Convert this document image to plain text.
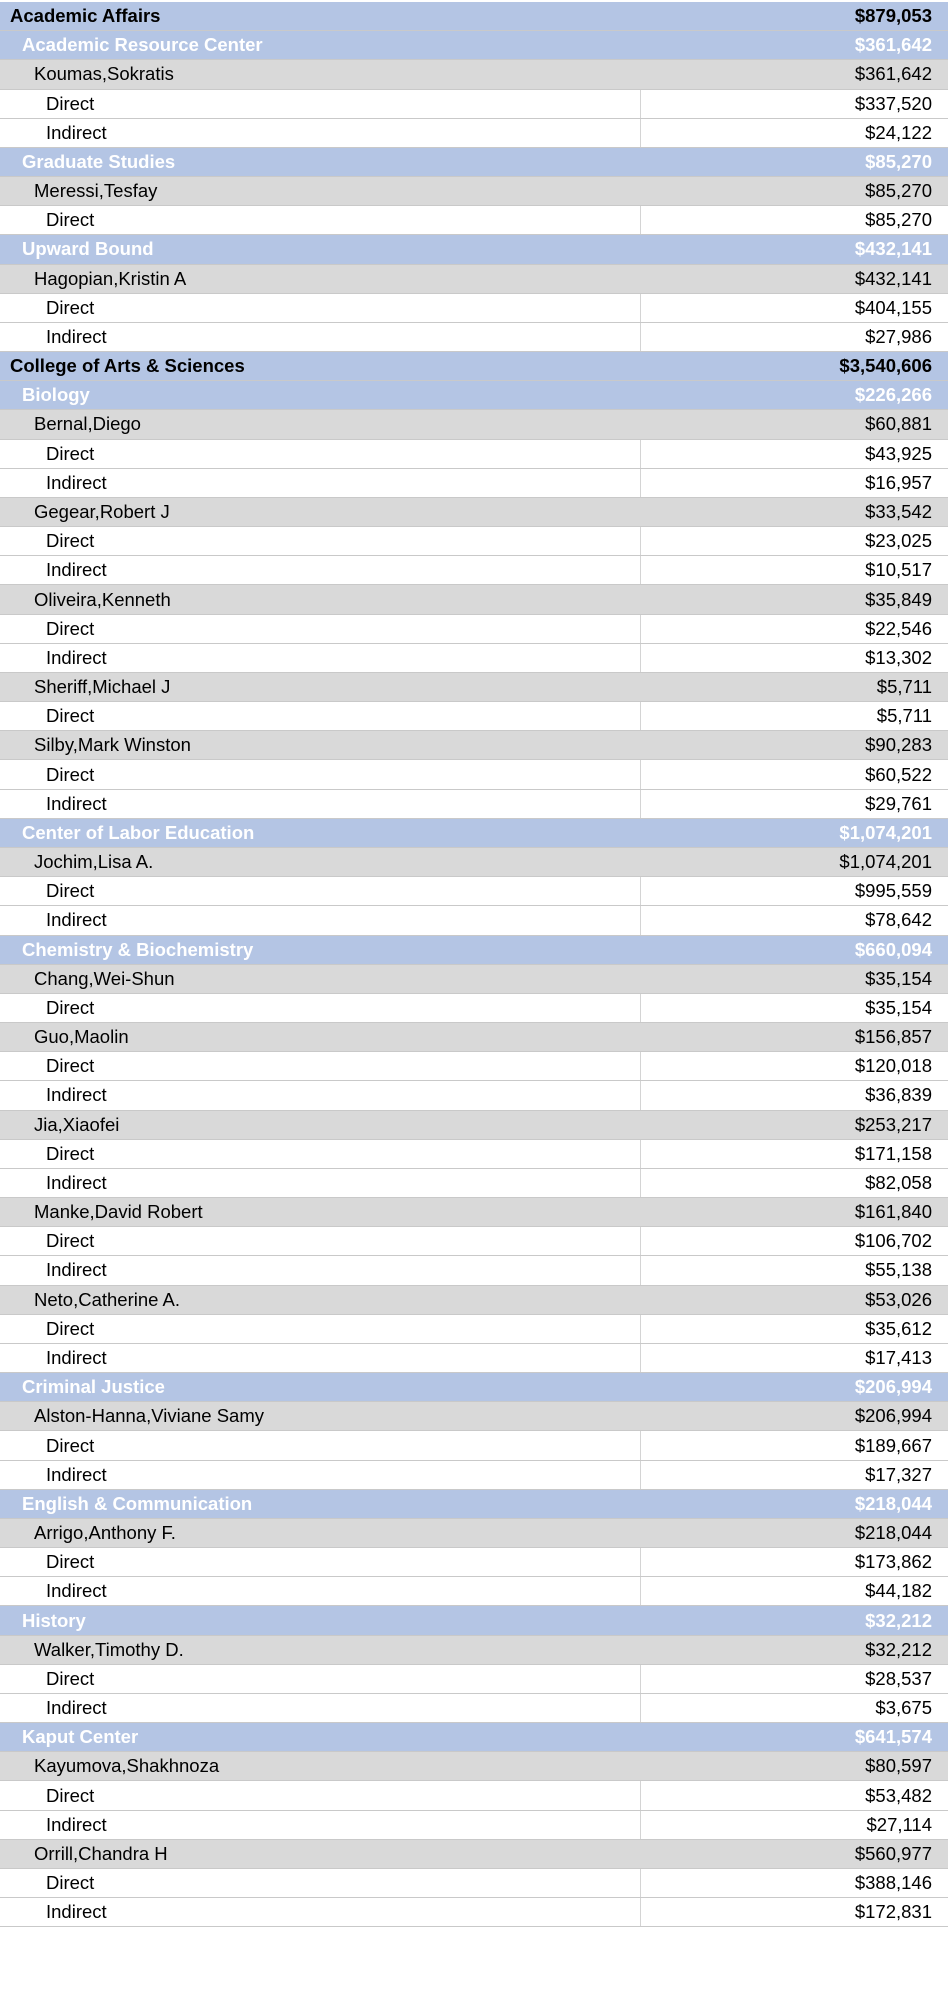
Academic Affairs	$879,053
Academic Resource Center	$361,642
Koumas,Sokratis	$361,642
Direct	$337,520
Indirect	$24,122
Graduate Studies	$85,270
Meressi,Tesfay	$85,270
Direct	$85,270
Upward Bound	$432,141
Hagopian,Kristin A	$432,141
Direct	$404,155
Indirect	$27,986
College of Arts & Sciences	$3,540,606
Biology	$226,266
Bernal,Diego	$60,881
Direct	$43,925
Indirect	$16,957
Gegear,Robert J	$33,542
Direct	$23,025
Indirect	$10,517
Oliveira,Kenneth	$35,849
Direct	$22,546
Indirect	$13,302
Sheriff,Michael J	$5,711
Direct	$5,711
Silby,Mark Winston	$90,283
Direct	$60,522
Indirect	$29,761
Center of Labor Education	$1,074,201
Jochim,Lisa A.	$1,074,201
Direct	$995,559
Indirect	$78,642
Chemistry & Biochemistry	$660,094
Chang,Wei-Shun	$35,154
Direct	$35,154
Guo,Maolin	$156,857
Direct	$120,018
Indirect	$36,839
Jia,Xiaofei	$253,217
Direct	$171,158
Indirect	$82,058
Manke,David Robert	$161,840
Direct	$106,702
Indirect	$55,138
Neto,Catherine A.	$53,026
Direct	$35,612
Indirect	$17,413
Criminal Justice	$206,994
Alston-Hanna,Viviane Samy	$206,994
Direct	$189,667
Indirect	$17,327
English & Communication	$218,044
Arrigo,Anthony F.	$218,044
Direct	$173,862
Indirect	$44,182
History	$32,212
Walker,Timothy D.	$32,212
Direct	$28,537
Indirect	$3,675
Kaput Center	$641,574
Kayumova,Shakhnoza	$80,597
Direct	$53,482
Indirect	$27,114
Orrill,Chandra H	$560,977
Direct	$388,146
Indirect	$172,831
